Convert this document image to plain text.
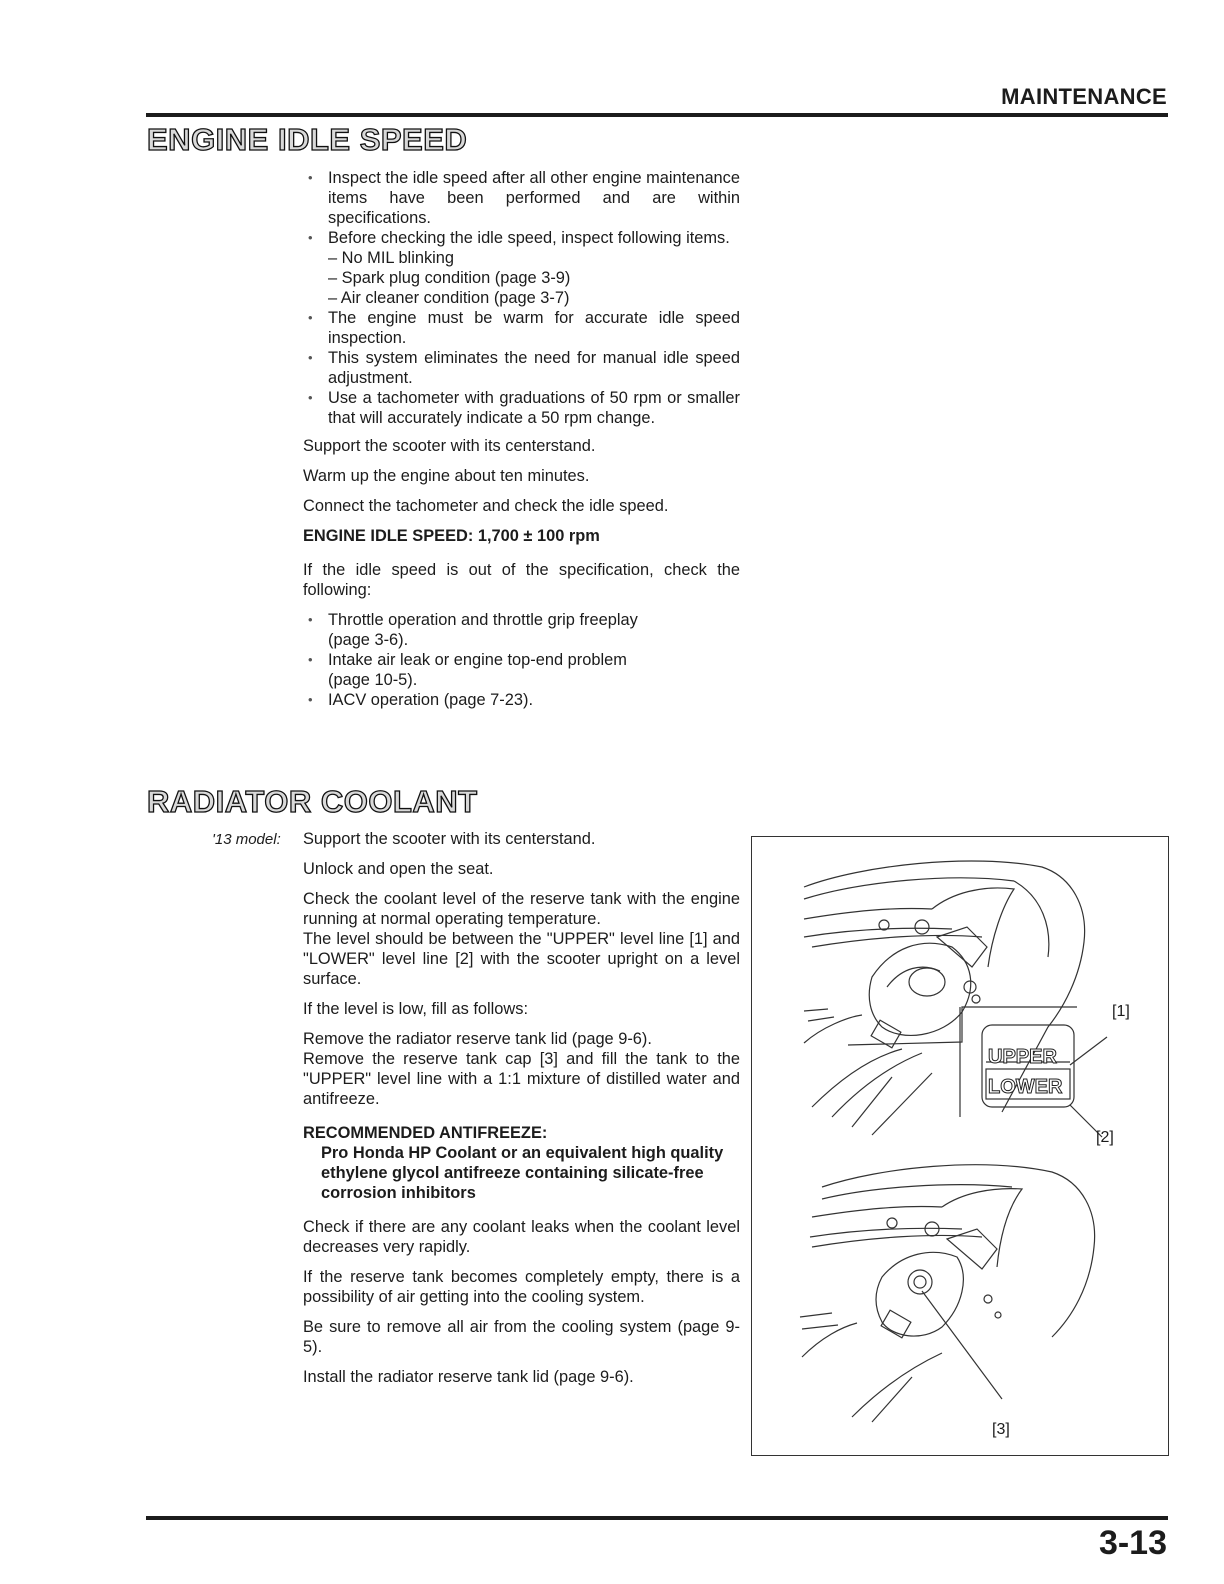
MAINTENANCE
ENGINE IDLE SPEED
• Inspect the idle speed after all other engine maintenance items have been performed and are within specifications.
• Before checking the idle speed, inspect following items.
– No MIL blinking
– Spark plug condition (page 3-9)
– Air cleaner condition (page 3-7)
• The engine must be warm for accurate idle speed inspection.
• This system eliminates the need for manual idle speed adjustment.
• Use a tachometer with graduations of 50 rpm or smaller that will accurately indicate a 50 rpm change.

Support the scooter with its centerstand.

Warm up the engine about ten minutes.

Connect the tachometer and check the idle speed.

ENGINE IDLE SPEED: 1,700 ± 100 rpm

If the idle speed is out of the specification, check the following:

• Throttle operation and throttle grip freeplay
(page 3-6).
• Intake air leak or engine top-end problem
(page 10-5).
• IACV operation (page 7-23).
RADIATOR COOLANT
'13 model: Support the scooter with its centerstand.

Unlock and open the seat.

Check the coolant level of the reserve tank with the engine running at normal operating temperature.

The level should be between the "UPPER" level line [1] and "LOWER" level line [2] with the scooter upright on a level surface.

If the level is low, fill as follows:

Remove the radiator reserve tank lid (page 9-6).

Remove the reserve tank cap [3] and fill the tank to the "UPPER" level line with a 1:1 mixture of distilled water and antifreeze.

RECOMMENDED ANTIFREEZE:

Pro Honda HP Coolant or an equivalent high quality ethylene glycol antifreeze containing silicate-free corrosion inhibitors

Check if there are any coolant leaks when the coolant level decreases very rapidly.

If the reserve tank becomes completely empty, there is a possibility of air getting into the cooling system.

Be sure to remove all air from the cooling system (page 9-5).

Install the radiator reserve tank lid (page 9-6).

UPPER
LOWER
[1]
[2]
[3]
3-13
